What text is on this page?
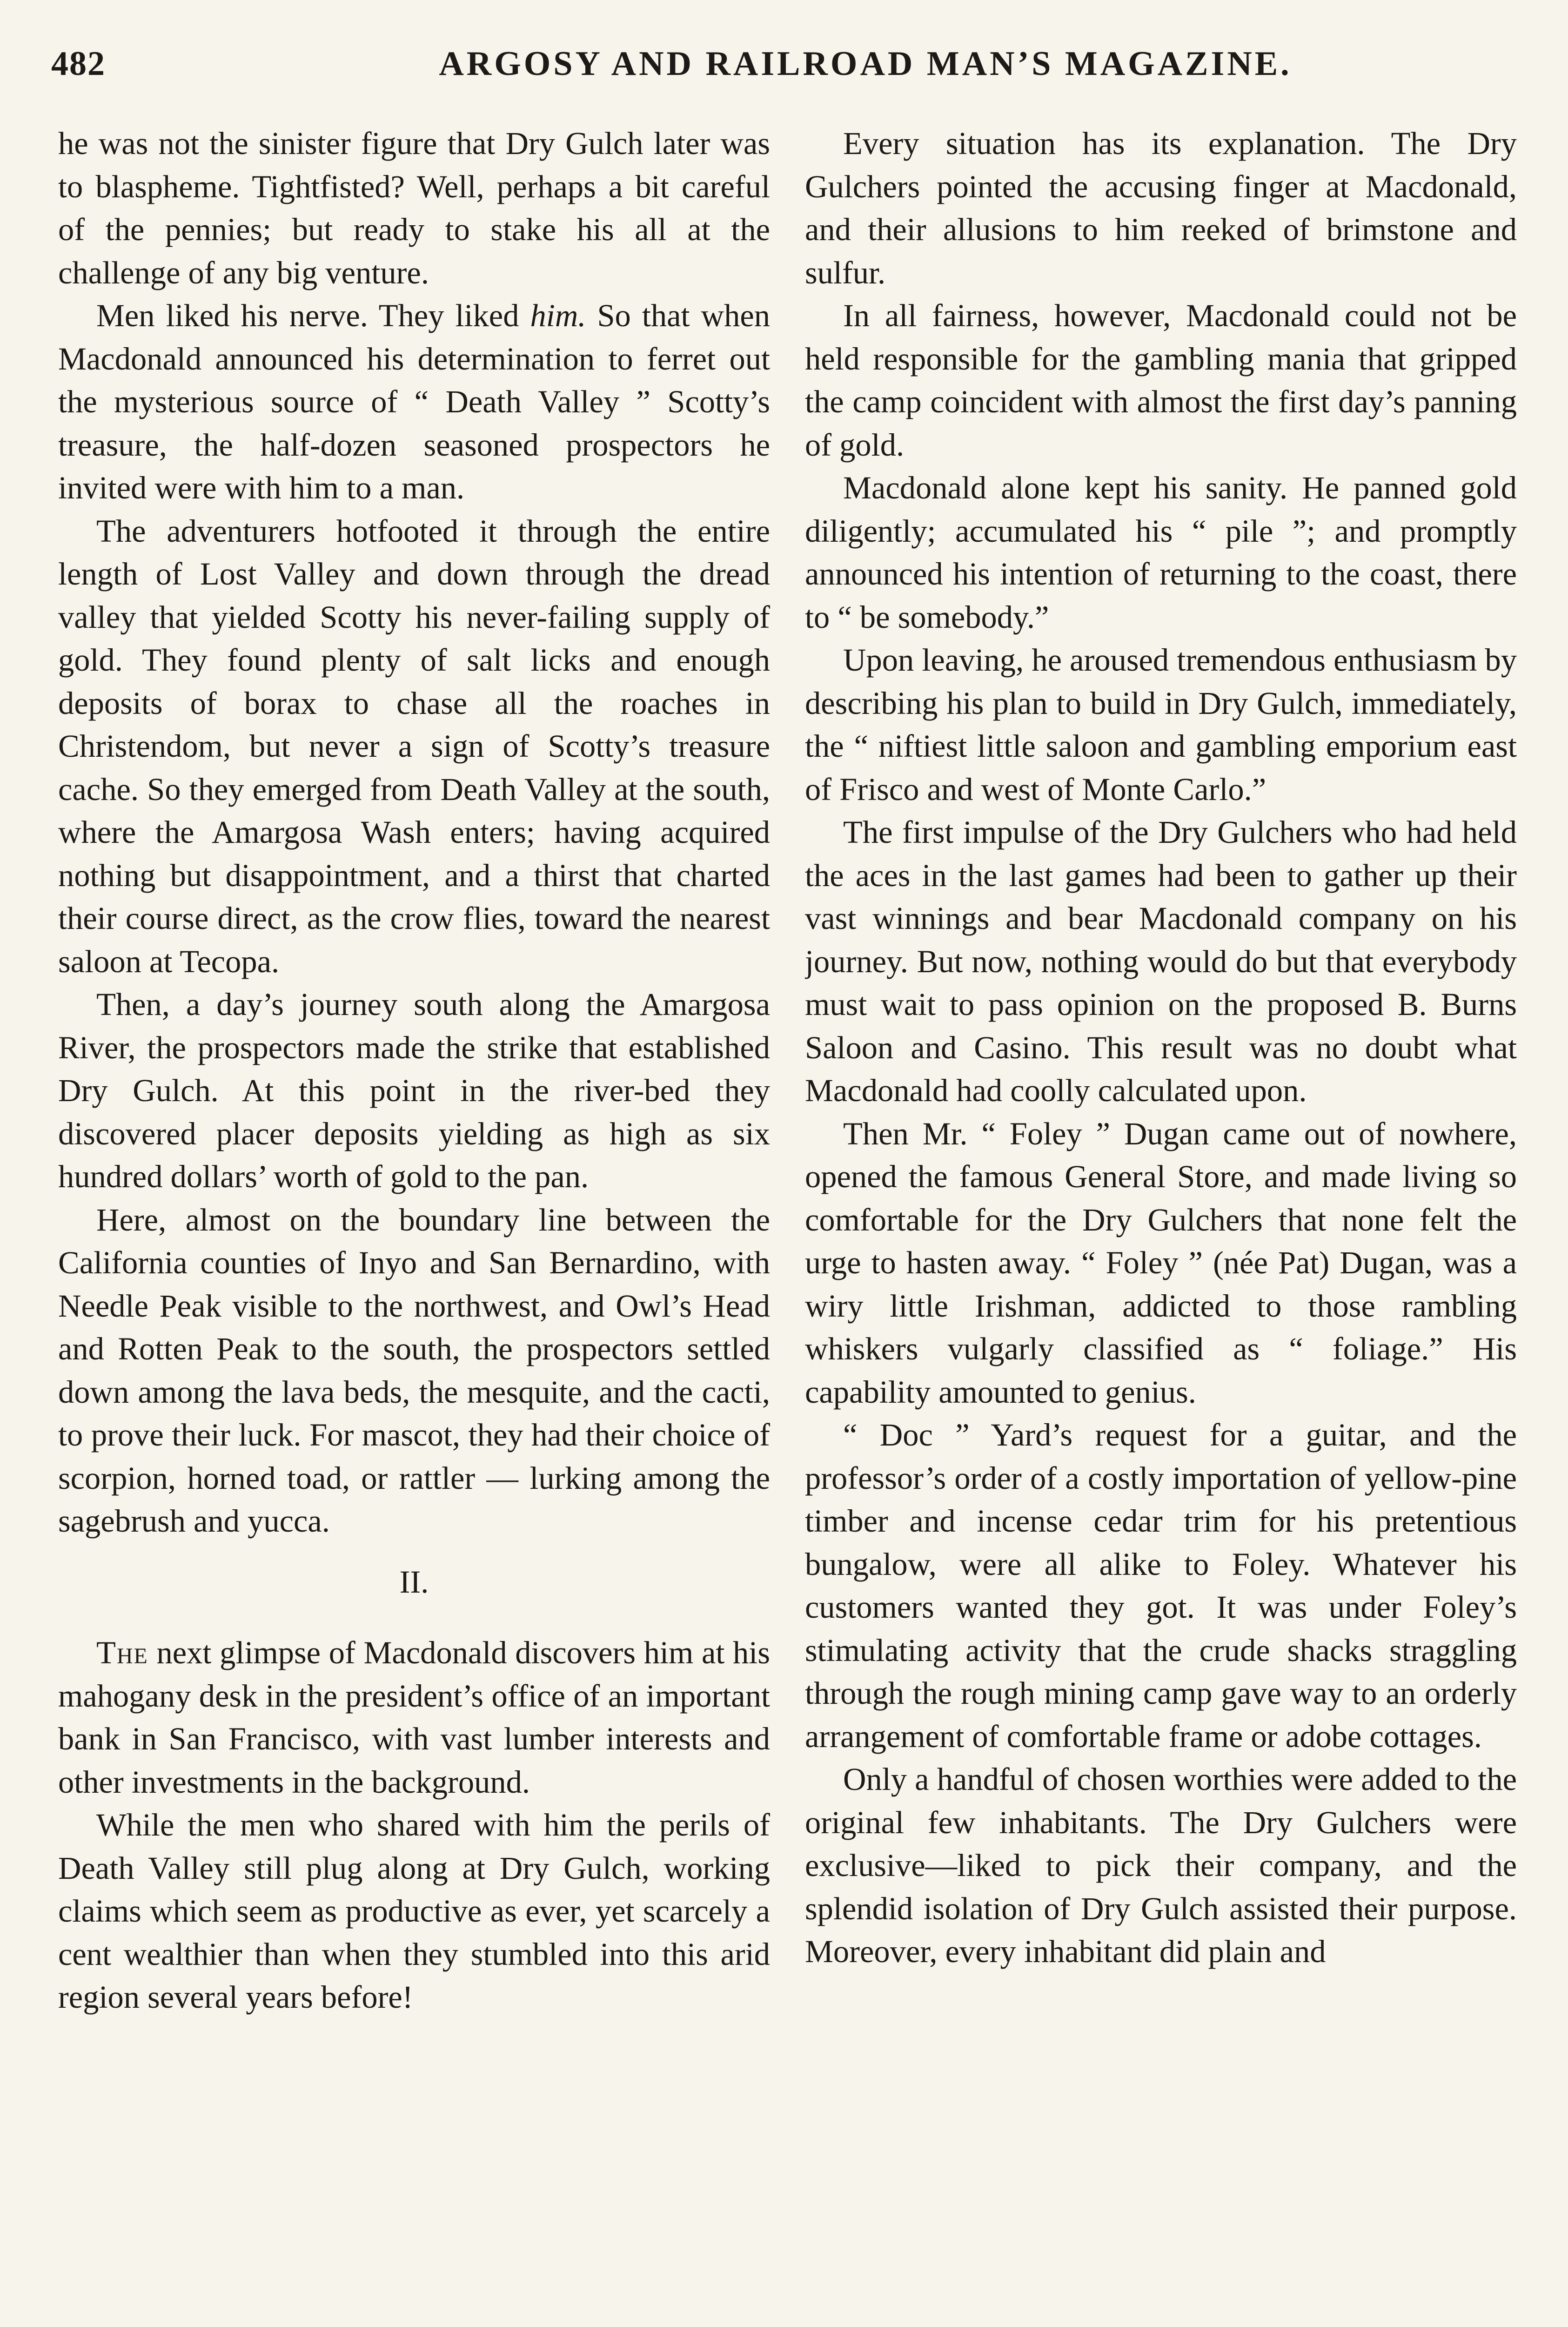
482	ARGOSY AND RAILROAD MAN’S MAGAZINE.

he was not the sinister figure that Dry Gulch later was to blaspheme. Tightfisted? Well, perhaps a bit careful of the pennies; but ready to stake his all at the challenge of any big venture.

Men liked his nerve. They liked him. So that when Macdonald announced his determination to ferret out the mysterious source of “ Death Valley ” Scotty’s treasure, the half-dozen seasoned prospectors he invited were with him to a man.

The adventurers hotfooted it through the entire length of Lost Valley and down through the dread valley that yielded Scotty his never-failing supply of gold. They found plenty of salt licks and enough deposits of borax to chase all the roaches in Christendom, but never a sign of Scotty’s treasure cache. So they emerged from Death Valley at the south, where the Amargosa Wash enters; having acquired nothing but disappointment, and a thirst that charted their course direct, as the crow flies, toward the nearest saloon at Tecopa.

Then, a day’s journey south along the Amargosa River, the prospectors made the strike that established Dry Gulch. At this point in the river-bed they discovered placer deposits yielding as high as six hundred dollars’ worth of gold to the pan.

Here, almost on the boundary line between the California counties of Inyo and San Bernardino, with Needle Peak visible to the northwest, and Owl’s Head and Rotten Peak to the south, the prospectors settled down among the lava beds, the mesquite, and the cacti, to prove their luck. For mascot, they had their choice of scorpion, horned toad, or rattler — lurking among the sagebrush and yucca.

II.

The next glimpse of Macdonald discovers him at his mahogany desk in the president’s office of an important bank in San Francisco, with vast lumber interests and other investments in the background.

While the men who shared with him the perils of Death Valley still plug along at Dry Gulch, working claims which seem as productive as ever, yet scarcely a cent wealthier than when they stumbled into this arid region several years before!

Every situation has its explanation. The Dry Gulchers pointed the accusing finger at Macdonald, and their allusions to him reeked of brimstone and sulfur.

In all fairness, however, Macdonald could not be held responsible for the gambling mania that gripped the camp coincident with almost the first day’s panning of gold.

Macdonald alone kept his sanity. He panned gold diligently; accumulated his “ pile ”; and promptly announced his intention of returning to the coast, there to “ be somebody.”

Upon leaving, he aroused tremendous enthusiasm by describing his plan to build in Dry Gulch, immediately, the “ niftiest little saloon and gambling emporium east of Frisco and west of Monte Carlo.”

The first impulse of the Dry Gulchers who had held the aces in the last games had been to gather up their vast winnings and bear Macdonald company on his journey. But now, nothing would do but that everybody must wait to pass opinion on the proposed B. Burns Saloon and Casino. This result was no doubt what Macdonald had coolly calculated upon.

Then Mr. “ Foley ” Dugan came out of nowhere, opened the famous General Store, and made living so comfortable for the Dry Gulchers that none felt the urge to hasten away. “ Foley ” (née Pat) Dugan, was a wiry little Irishman, addicted to those rambling whiskers vulgarly classified as “ foliage.” His capability amounted to genius.

“ Doc ” Yard’s request for a guitar, and the professor’s order of a costly importation of yellow-pine timber and incense cedar trim for his pretentious bungalow, were all alike to Foley. Whatever his customers wanted they got. It was under Foley’s stimulating activity that the crude shacks straggling through the rough mining camp gave way to an orderly arrangement of comfortable frame or adobe cottages.

Only a handful of chosen worthies were added to the original few inhabitants. The Dry Gulchers were exclusive—liked to pick their company, and the splendid isolation of Dry Gulch assisted their purpose. Moreover, every inhabitant did plain and
